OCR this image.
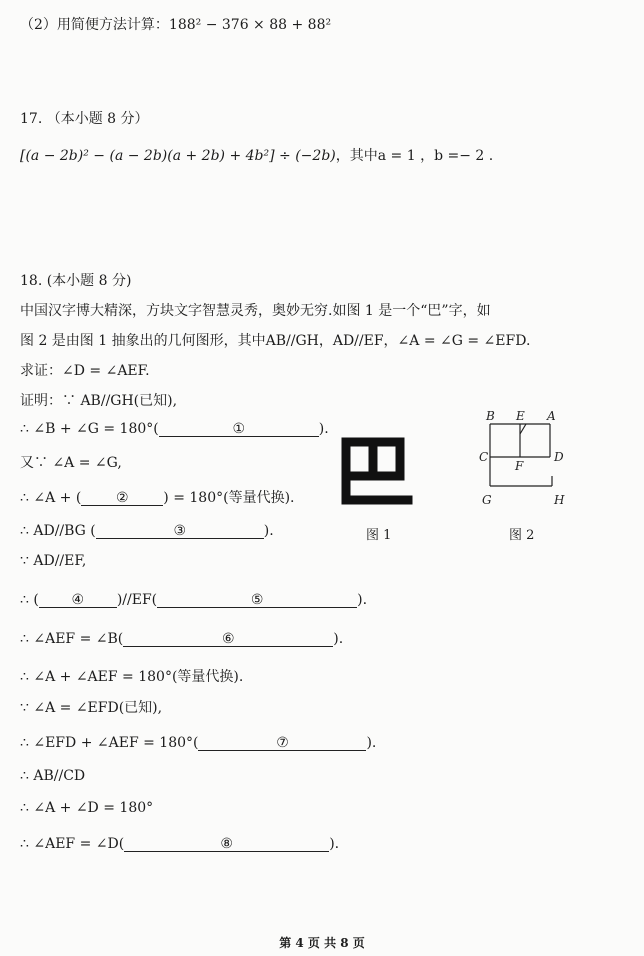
（2）用简便方法计算：188² − 376 × 88 + 88²
17. （本小题 8 分）
[(a − 2b)² − (a − 2b)(a + 2b) + 4b²] ÷ (−2b)，其中a = 1 ，b =− 2 .
18. (本小题 8 分)
中国汉字博大精深，方块文字智慧灵秀，奥妙无穷.如图 1 是一个“巴”字，如
图 2 是由图 1 抽象出的几何图形，其中AB//GH，AD//EF，∠A = ∠G = ∠EFD.
求证：∠D = ∠AEF.
证明：∵ AB//GH(已知),
∴ ∠B + ∠G = 180°(	①	).
又∵ ∠A = ∠G,
∴ ∠A + ( ② ) = 180°(等量代换).
∴ AD//BG (	③	).
∵ AD//EF,
∴ ( ④ )//EF(	⑤	).
∴ ∠AEF = ∠B(	⑥	).
∴ ∠A + ∠AEF = 180°(等量代换).
∵ ∠A = ∠EFD(已知),
∴ ∠EFD + ∠AEF = 180°(	⑦	).
∴ AB//CD
∴ ∠A + ∠D = 180°
∴ ∠AEF = ∠D(	⑧	).
图 1
B E A
C	D
F
G	H
图 2
第 4 页 共 8 页
